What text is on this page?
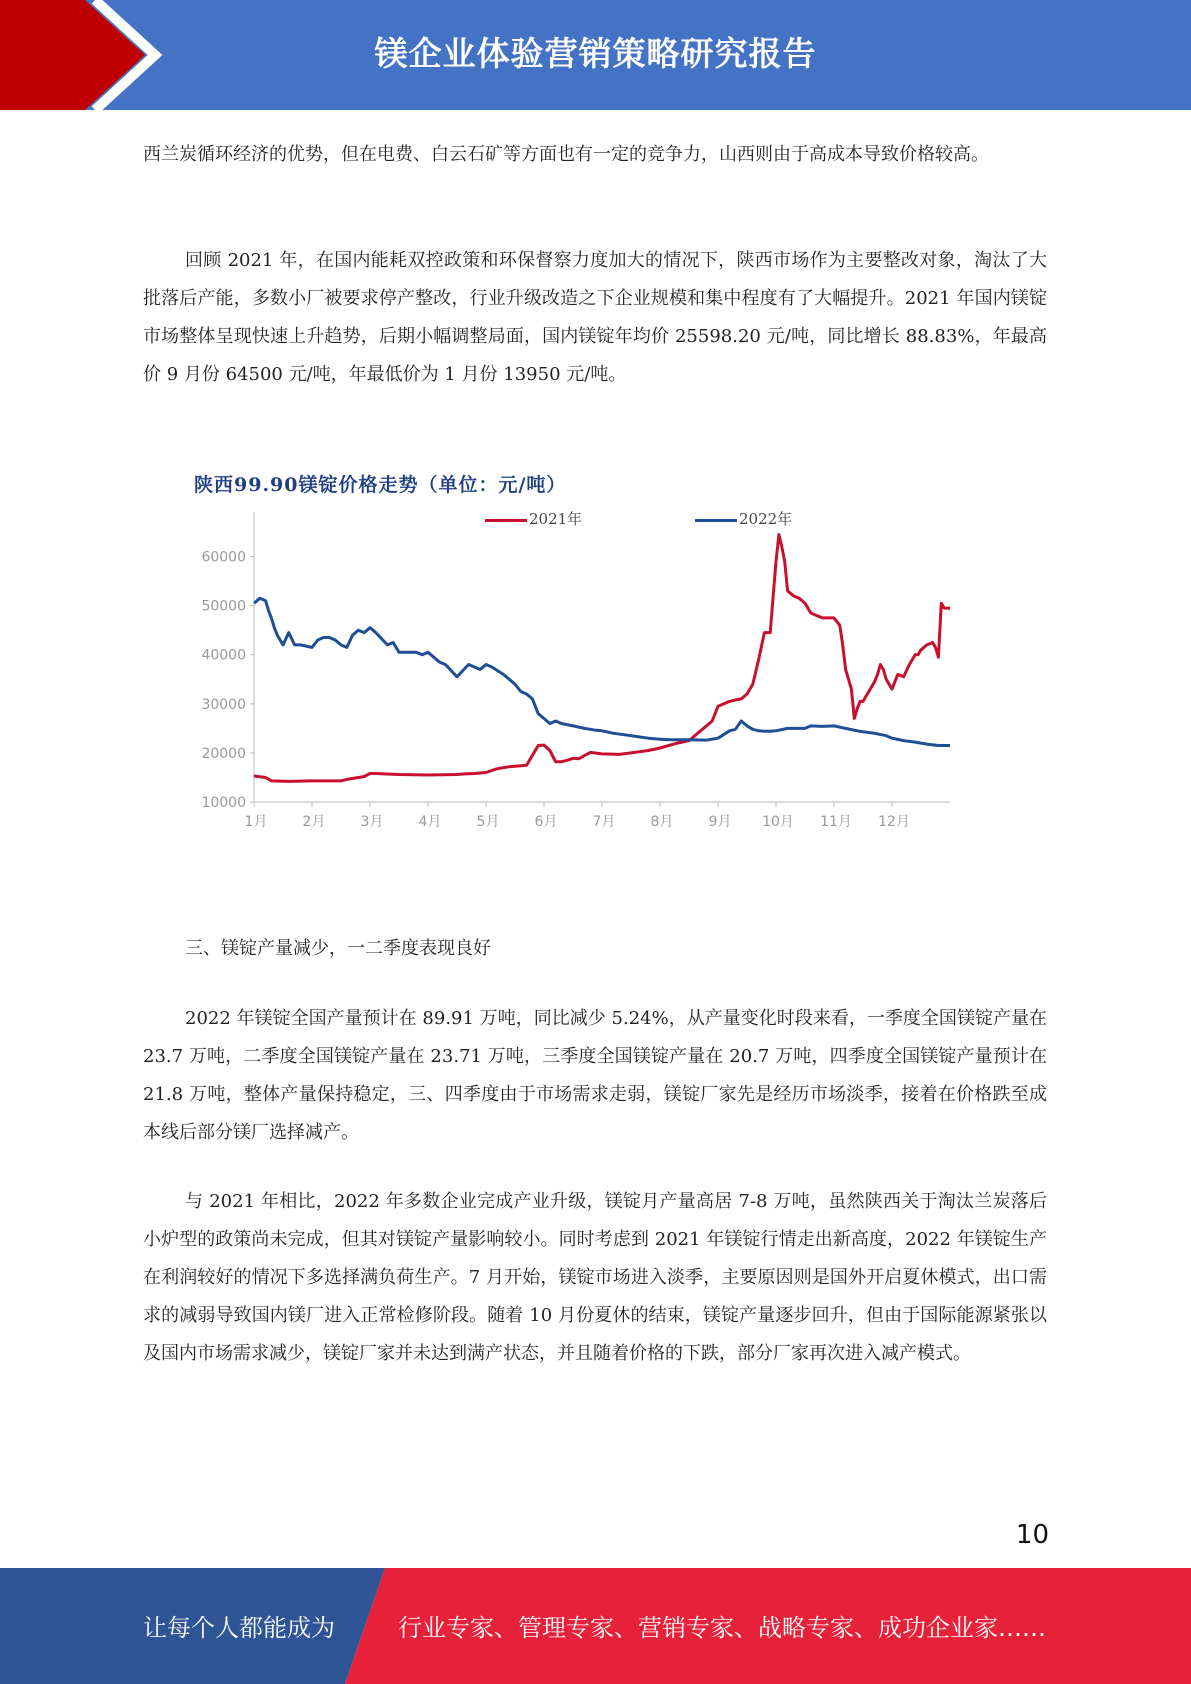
镁企业体验营销策略研究报告

西兰炭循环经济的优势，但在电费、白云石矿等方面也有一定的竞争力，山西则由于高成本导致价格较高。

回顾 2021 年，在国内能耗双控政策和环保督察力度加大的情况下，陕西市场作为主要整改对象，淘汰了大批落后产能，多数小厂被要求停产整改，行业升级改造之下企业规模和集中程度有了大幅提升。2021 年国内镁锭市场整体呈现快速上升趋势，后期小幅调整局面，国内镁锭年均价 25598.20 元/吨，同比增长 88.83%，年最高价 9 月份 64500 元/吨，年最低价为 1 月份 13950 元/吨。

陕西99.90镁锭价格走势（单位：元/吨）
2021年	2022年
10000
20000
30000
40000
50000
60000
1月	2月	3月	4月	5月	6月	7月	8月	9月 10月 11月 12月

三、镁锭产量减少，一二季度表现良好

2022 年镁锭全国产量预计在 89.91 万吨，同比减少 5.24%，从产量变化时段来看，一季度全国镁锭产量在 23.7 万吨，二季度全国镁锭产量在 23.71 万吨，三季度全国镁锭产量在 20.7 万吨，四季度全国镁锭产量预计在 21.8 万吨，整体产量保持稳定，三、四季度由于市场需求走弱，镁锭厂家先是经历市场淡季，接着在价格跌至成本线后部分镁厂选择减产。

与 2021 年相比，2022 年多数企业完成产业升级，镁锭月产量高居 7-8 万吨，虽然陕西关于淘汰兰炭落后小炉型的政策尚未完成，但其对镁锭产量影响较小。同时考虑到 2021 年镁锭行情走出新高度，2022 年镁锭生产在利润较好的情况下多选择满负荷生产。7 月开始，镁锭市场进入淡季，主要原因则是国外开启夏休模式，出口需求的减弱导致国内镁厂进入正常检修阶段。随着 10 月份夏休的结束，镁锭产量逐步回升，但由于国际能源紧张以及国内市场需求减少，镁锭厂家并未达到满产状态，并且随着价格的下跌，部分厂家再次进入减产模式。

10
让每个人都能成为	行业专家、管理专家、营销专家、战略专家、成功企业家……
